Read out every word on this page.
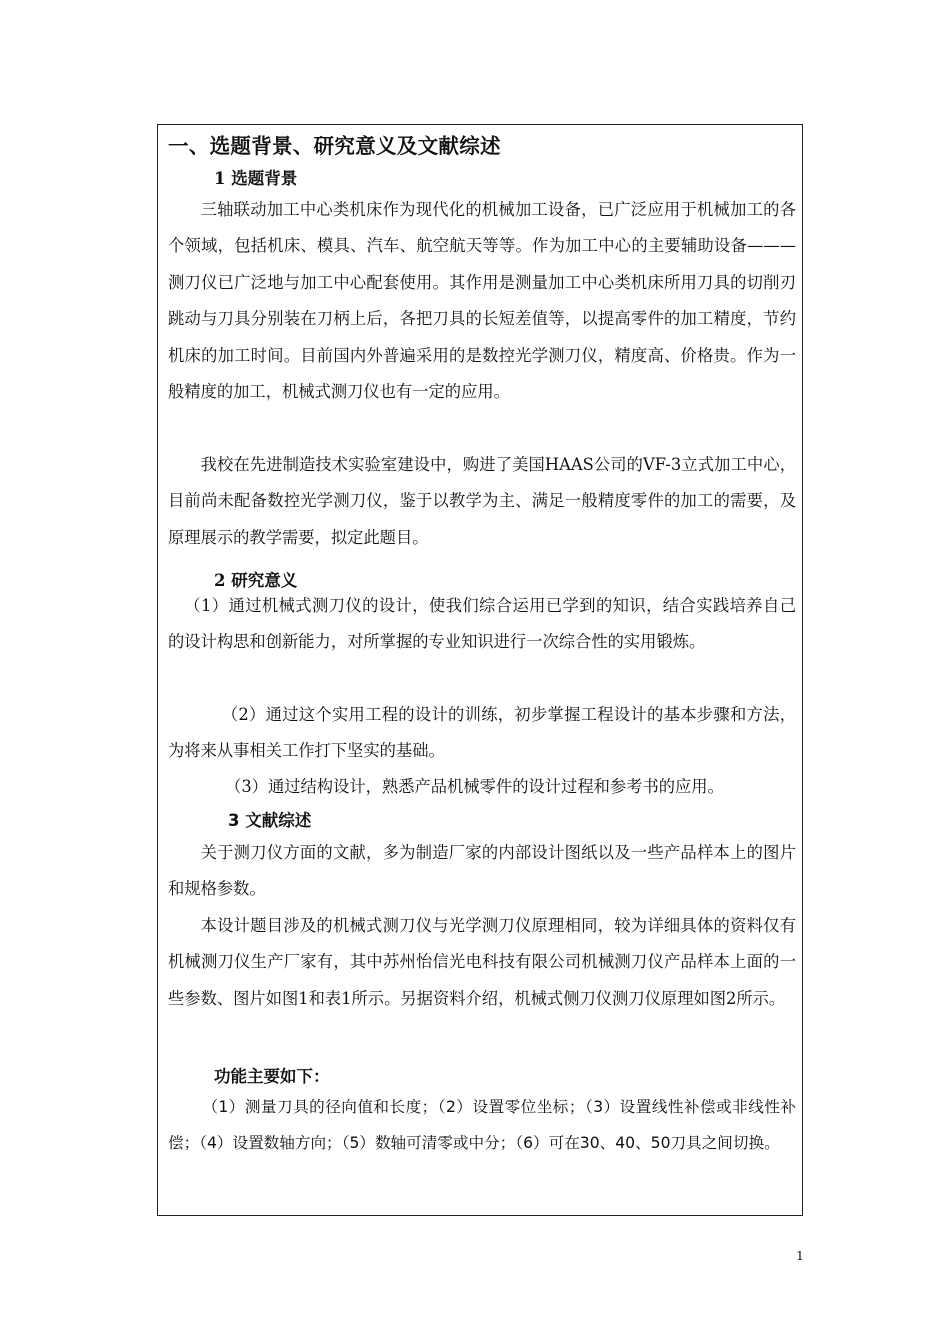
一、选题背景、研究意义及文献综述
1 选题背景

三轴联动加工中心类机床作为现代化的机械加工设备，已广泛应用于机械加工的各个领域，包括机床、模具、汽车、航空航天等等。作为加工中心的主要辅助设备———测刀仪已广泛地与加工中心配套使用。其作用是测量加工中心类机床所用刀具的切削刃跳动与刀具分别装在刀柄上后，各把刀具的长短差值等，以提高零件的加工精度，节约机床的加工时间。目前国内外普遍采用的是数控光学测刀仪，精度高、价格贵。作为一般精度的加工，机械式测刀仪也有一定的应用。

我校在先进制造技术实验室建设中，购进了美国HAAS公司的VF-3立式加工中心，目前尚未配备数控光学测刀仪，鉴于以教学为主、满足一般精度零件的加工的需要，及原理展示的教学需要，拟定此题目。

2 研究意义

（1）通过机械式测刀仪的设计，使我们综合运用已学到的知识，结合实践培养自己的设计构思和创新能力，对所掌握的专业知识进行一次综合性的实用锻炼。

（2）通过这个实用工程的设计的训练，初步掌握工程设计的基本步骤和方法，为将来从事相关工作打下坚实的基础。

（3）通过结构设计，熟悉产品机械零件的设计过程和参考书的应用。

3 文献综述

关于测刀仪方面的文献，多为制造厂家的内部设计图纸以及一些产品样本上的图片和规格参数。

本设计题目涉及的机械式测刀仪与光学测刀仪原理相同，较为详细具体的资料仅有机械测刀仪生产厂家有，其中苏州怡信光电科技有限公司机械测刀仪产品样本上面的一些参数、图片如图1和表1所示。另据资料介绍，机械式侧刀仪测刀仪原理如图2所示。

功能主要如下：

（1）测量刀具的径向值和长度；（2）设置零位坐标；（3）设置线性补偿或非线性补偿；（4）设置数轴方向；（5）数轴可清零或中分；（6）可在30、40、50刀具之间切换。

1
